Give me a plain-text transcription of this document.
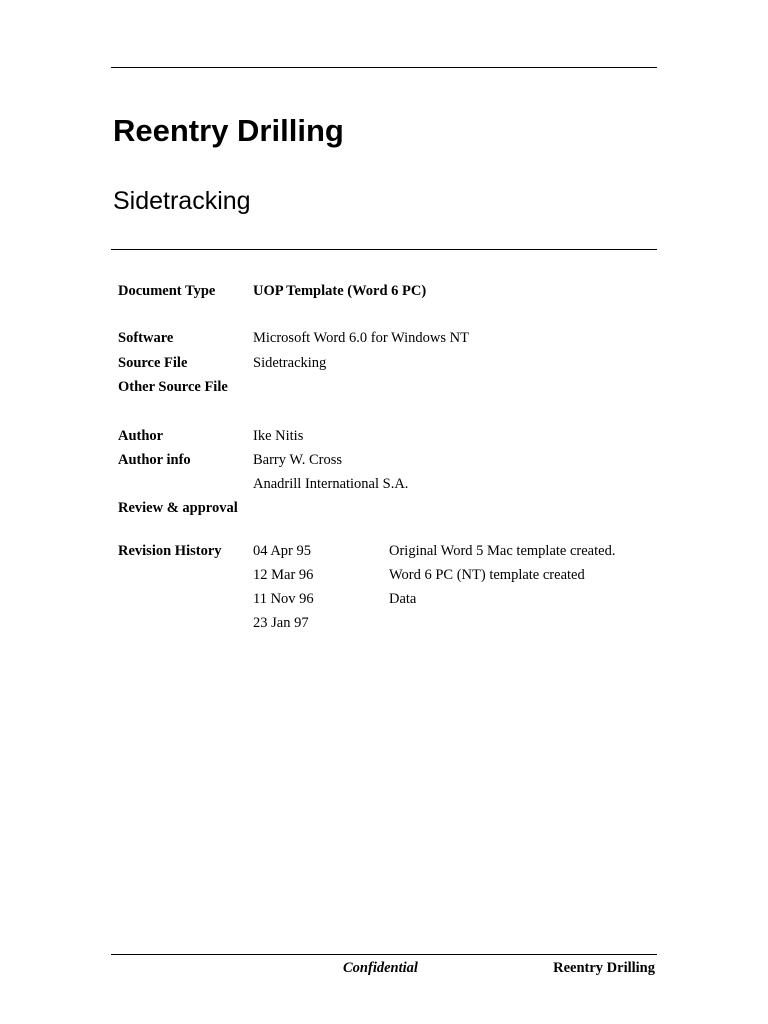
Reentry Drilling
Sidetracking
Document Type	UOP Template (Word 6 PC)
Software	Microsoft Word 6.0 for Windows NT
Source File	Sidetracking
Other Source File
Author	Ike Nitis
Author info	Barry W. Cross
Anadrill International S.A.
Review & approval
Revision History 04 Apr 95	Original Word 5 Mac template created.
12 Mar 96	Word 6 PC (NT) template created
11 Nov 96	Data
23 Jan 97
Confidential	Reentry Drilling
